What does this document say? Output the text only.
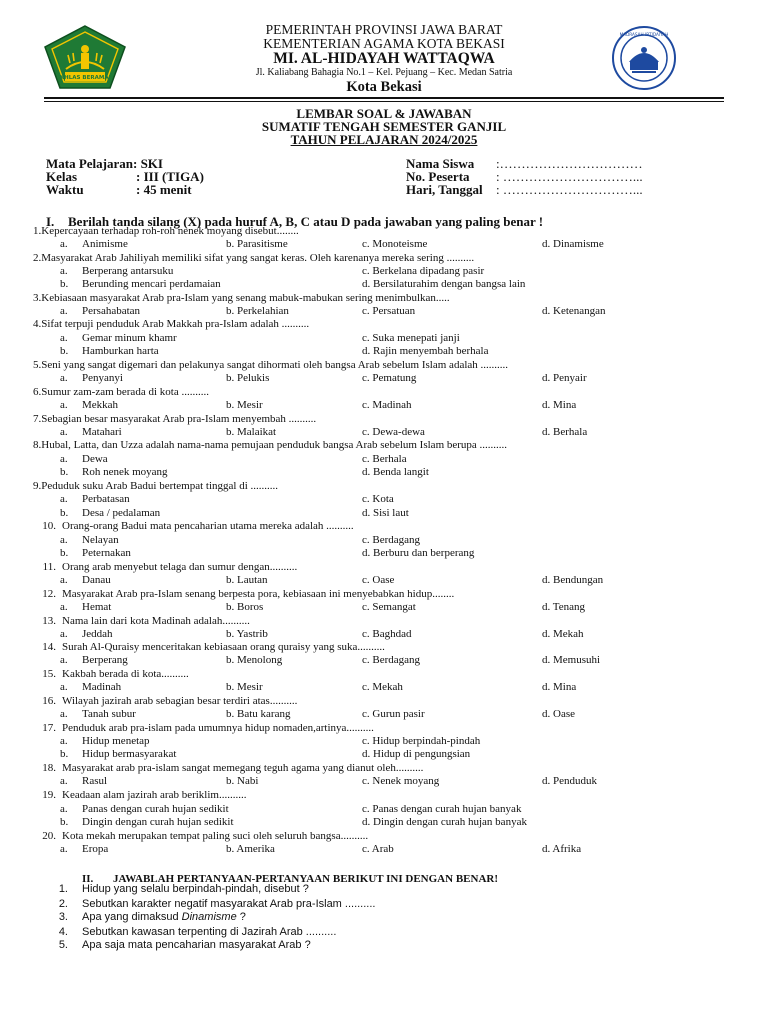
IKHLAS BERAMAL
MADRASAH IBTIDAIYAH
PEMERINTAH PROVINSI JAWA BARAT
KEMENTERIAN AGAMA KOTA BEKASI
MI. AL-HIDAYAH WATTAQWA
Jl. Kaliabang Bahagia No.1 – Kel. Pejuang – Kec. Medan Satria
Kota Bekasi
LEMBAR SOAL & JAWABAN
SUMATIF TENGAH SEMESTER GANJIL
TAHUN PELAJARAN 2024/2025
Mata Pelajaran: SKI
Kelas	: III (TIGA)
Waktu	: 45 menit
Nama Siswa :……………………………
No. Peserta : …………………………...
Hari, Tanggal : …………………………...
I. Berilah tanda silang (X) pada huruf A, B, C atau D pada jawaban yang paling benar !
1.Kepercayaan terhadap roh-roh nenek moyang disebut........
a. Animisme	b. Parasitisme	c. Monoteisme	d. Dinamisme
2.Masyarakat Arab Jahiliyah memiliki sifat yang sangat keras. Oleh karenanya mereka sering ..........
a. Berperang antarsuku
b. Berunding mencari perdamaian
c. Berkelana dipadang pasir
d. Bersilaturahim dengan bangsa lain
3.Kebiasaan masyarakat Arab pra-Islam yang senang mabuk-mabukan sering menimbulkan.....
a. Persahabatan	b. Perkelahian	c. Persatuan	d. Ketenangan
4.Sifat terpuji penduduk Arab Makkah pra-Islam adalah ..........
a. Gemar minum khamr
b. Hamburkan harta
c. Suka menepati janji
d. Rajin menyembah berhala
5.Seni yang sangat digemari dan pelakunya sangat dihormati oleh bangsa Arab sebelum Islam adalah ..........
a. Penyanyi	b. Pelukis	c. Pematung	d. Penyair
6.Sumur zam-zam berada di kota ..........
a. Mekkah	b. Mesir	c. Madinah	d. Mina
7.Sebagian besar masyarakat Arab pra-Islam menyembah ..........
a. Matahari	b. Malaikat	c. Dewa-dewa	d. Berhala
8.Hubal, Latta, dan Uzza adalah nama-nama pemujaan penduduk bangsa Arab sebelum Islam berupa ..........
a. Dewa
b. Roh nenek moyang
c. Berhala
d. Benda langit
9.Peduduk suku Arab Badui bertempat tinggal di ..........
a. Perbatasan
b. Desa / pedalaman
c. Kota
d. Sisi laut
10. Orang-orang Badui mata pencaharian utama mereka adalah ..........
a. Nelayan
b. Peternakan
c. Berdagang
d. Berburu dan berperang
11. Orang arab menyebut telaga dan sumur dengan..........
a. Danau	b. Lautan	c. Oase	d. Bendungan
12. Masyarakat Arab pra-Islam senang berpesta pora, kebiasaan ini menyebabkan hidup........
a. Hemat	b. Boros	c. Semangat	d. Tenang
13. Nama lain dari kota Madinah adalah..........
a. Jeddah	b. Yastrib	c. Baghdad	d. Mekah
14. Surah Al-Quraisy menceritakan kebiasaan orang quraisy yang suka..........
a. Berperang	b. Menolong	c. Berdagang	d. Memusuhi
15. Kakbah berada di kota..........
a. Madinah	b. Mesir	c. Mekah	d. Mina
16. Wilayah jazirah arab sebagian besar terdiri atas..........
a. Tanah subur	b. Batu karang	c. Gurun pasir	d. Oase
17. Penduduk arab pra-islam pada umumnya hidup nomaden,artinya..........
a. Hidup menetap
b. Hidup bermasyarakat
c. Hidup berpindah-pindah
d. Hidup di pengungsian
18. Masyarakat arab pra-islam sangat memegang teguh agama yang dianut oleh..........
a. Rasul	b. Nabi	c. Nenek moyang	d. Penduduk
19. Keadaan alam jazirah arab beriklim..........
a. Panas dengan curah hujan sedikit
b. Dingin dengan curah hujan sedikit
c. Panas dengan curah hujan banyak
d. Dingin dengan curah hujan banyak
20. Kota mekah merupakan tempat paling suci oleh seluruh bangsa..........
a. Eropa	b. Amerika	c. Arab	d. Afrika
II. JAWABLAH PERTANYAAN-PERTANYAAN BERIKUT INI DENGAN BENAR!
1. Hidup yang selalu berpindah-pindah, disebut ?
2. Sebutkan karakter negatif masyarakat Arab pra-Islam ..........
3. Apa yang dimaksud Dinamisme ?
4. Sebutkan kawasan terpenting di Jazirah Arab ..........
5. Apa saja mata pencaharian masyarakat Arab ?
